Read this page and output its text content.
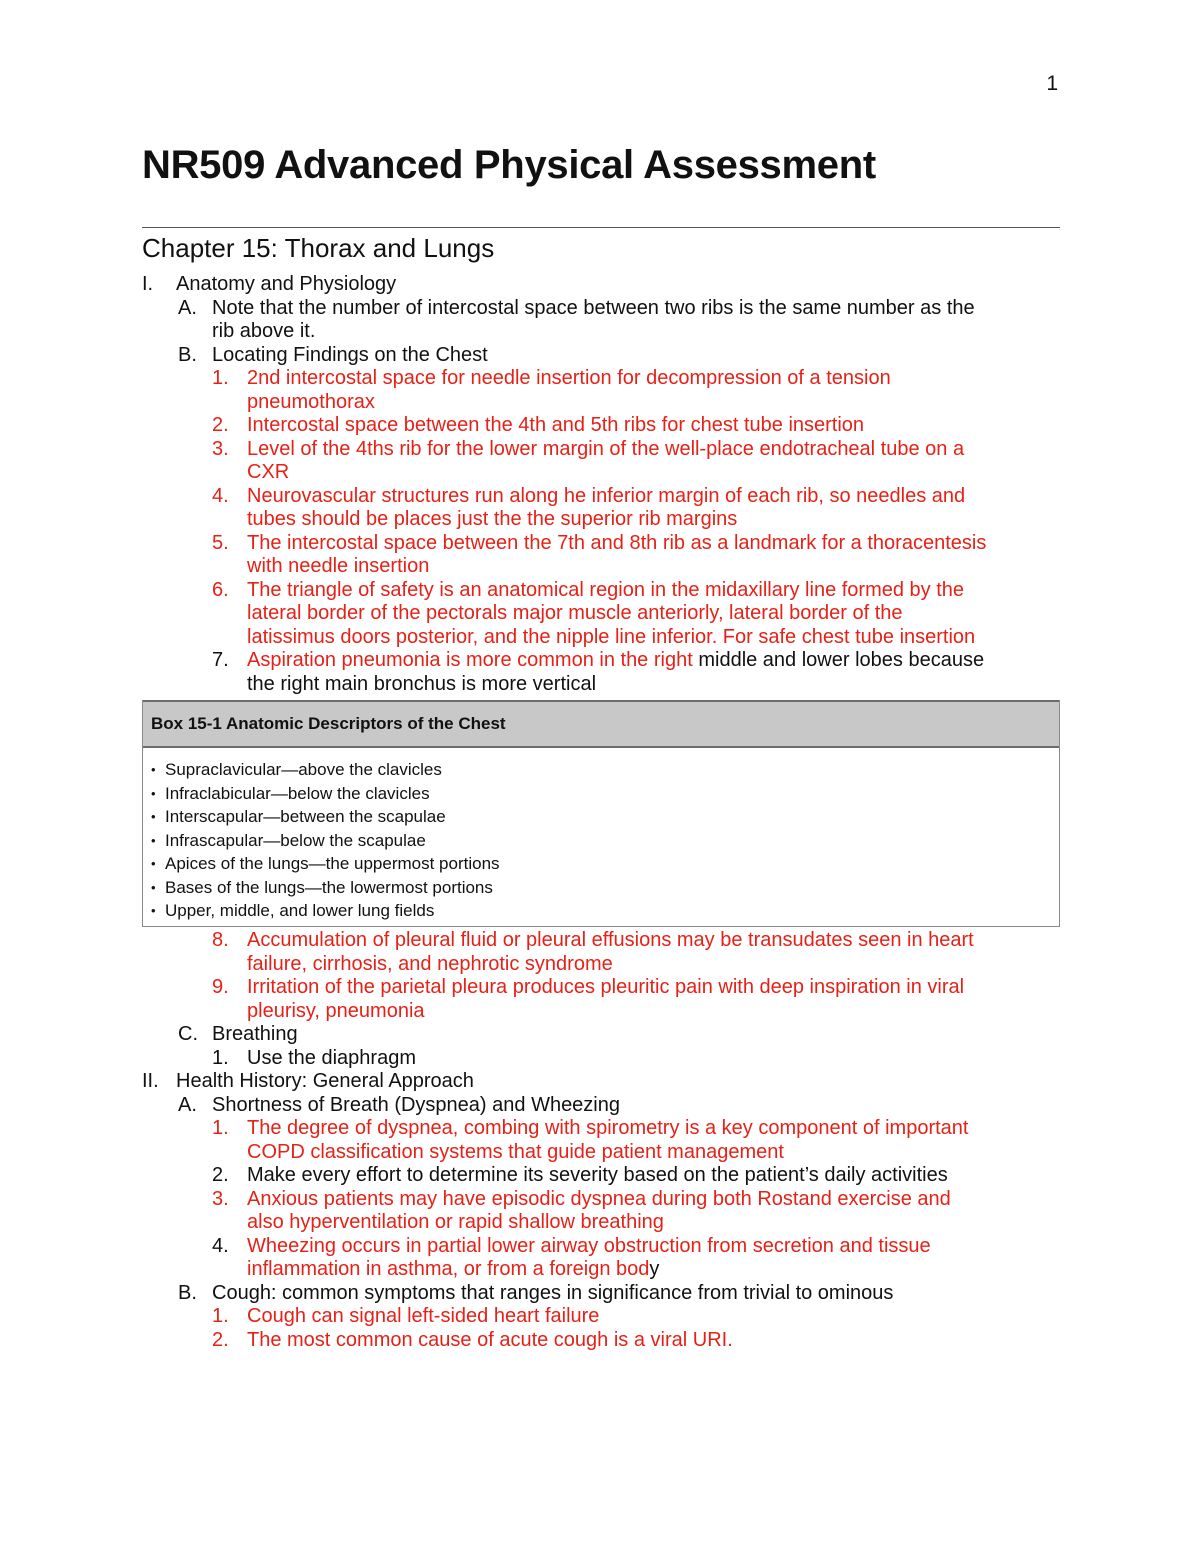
1
NR509 Advanced Physical Assessment
Chapter 15: Thorax and Lungs
I. Anatomy and Physiology
A. Note that the number of intercostal space between two ribs is the same number as the
rib above it.
B. Locating Findings on the Chest
1. 2nd intercostal space for needle insertion for decompression of a tension
pneumothorax
2. Intercostal space between the 4th and 5th ribs for chest tube insertion
3. Level of the 4ths rib for the lower margin of the well-place endotracheal tube on a
CXR
4. Neurovascular structures run along he inferior margin of each rib, so needles and
tubes should be places just the the superior rib margins
5. The intercostal space between the 7th and 8th rib as a landmark for a thoracentesis
with needle insertion
6. The triangle of safety is an anatomical region in the midaxillary line formed by the
lateral border of the pectorals major muscle anteriorly, lateral border of the
latissimus doors posterior, and the nipple line inferior. For safe chest tube insertion
7. Aspiration pneumonia is more common in the right middle and lower lobes because
the right main bronchus is more vertical
Box 15-1 Anatomic Descriptors of the Chest
• Supraclavicular—above the clavicles
• Infraclabicular—below the clavicles
• Interscapular—between the scapulae
• Infrascapular—below the scapulae
• Apices of the lungs—the uppermost portions
• Bases of the lungs—the lowermost portions
• Upper, middle, and lower lung fields
8. Accumulation of pleural fluid or pleural effusions may be transudates seen in heart
failure, cirrhosis, and nephrotic syndrome
9. Irritation of the parietal pleura produces pleuritic pain with deep inspiration in viral
pleurisy, pneumonia
C. Breathing
1. Use the diaphragm
II. Health History: General Approach
A. Shortness of Breath (Dyspnea) and Wheezing
1. The degree of dyspnea, combing with spirometry is a key component of important
COPD classification systems that guide patient management
2. Make every effort to determine its severity based on the patient’s daily activities
3. Anxious patients may have episodic dyspnea during both Rostand exercise and
also hyperventilation or rapid shallow breathing
4. Wheezing occurs in partial lower airway obstruction from secretion and tissue
inflammation in asthma, or from a foreign body
B. Cough: common symptoms that ranges in significance from trivial to ominous
1. Cough can signal left-sided heart failure
2. The most common cause of acute cough is a viral URI.
